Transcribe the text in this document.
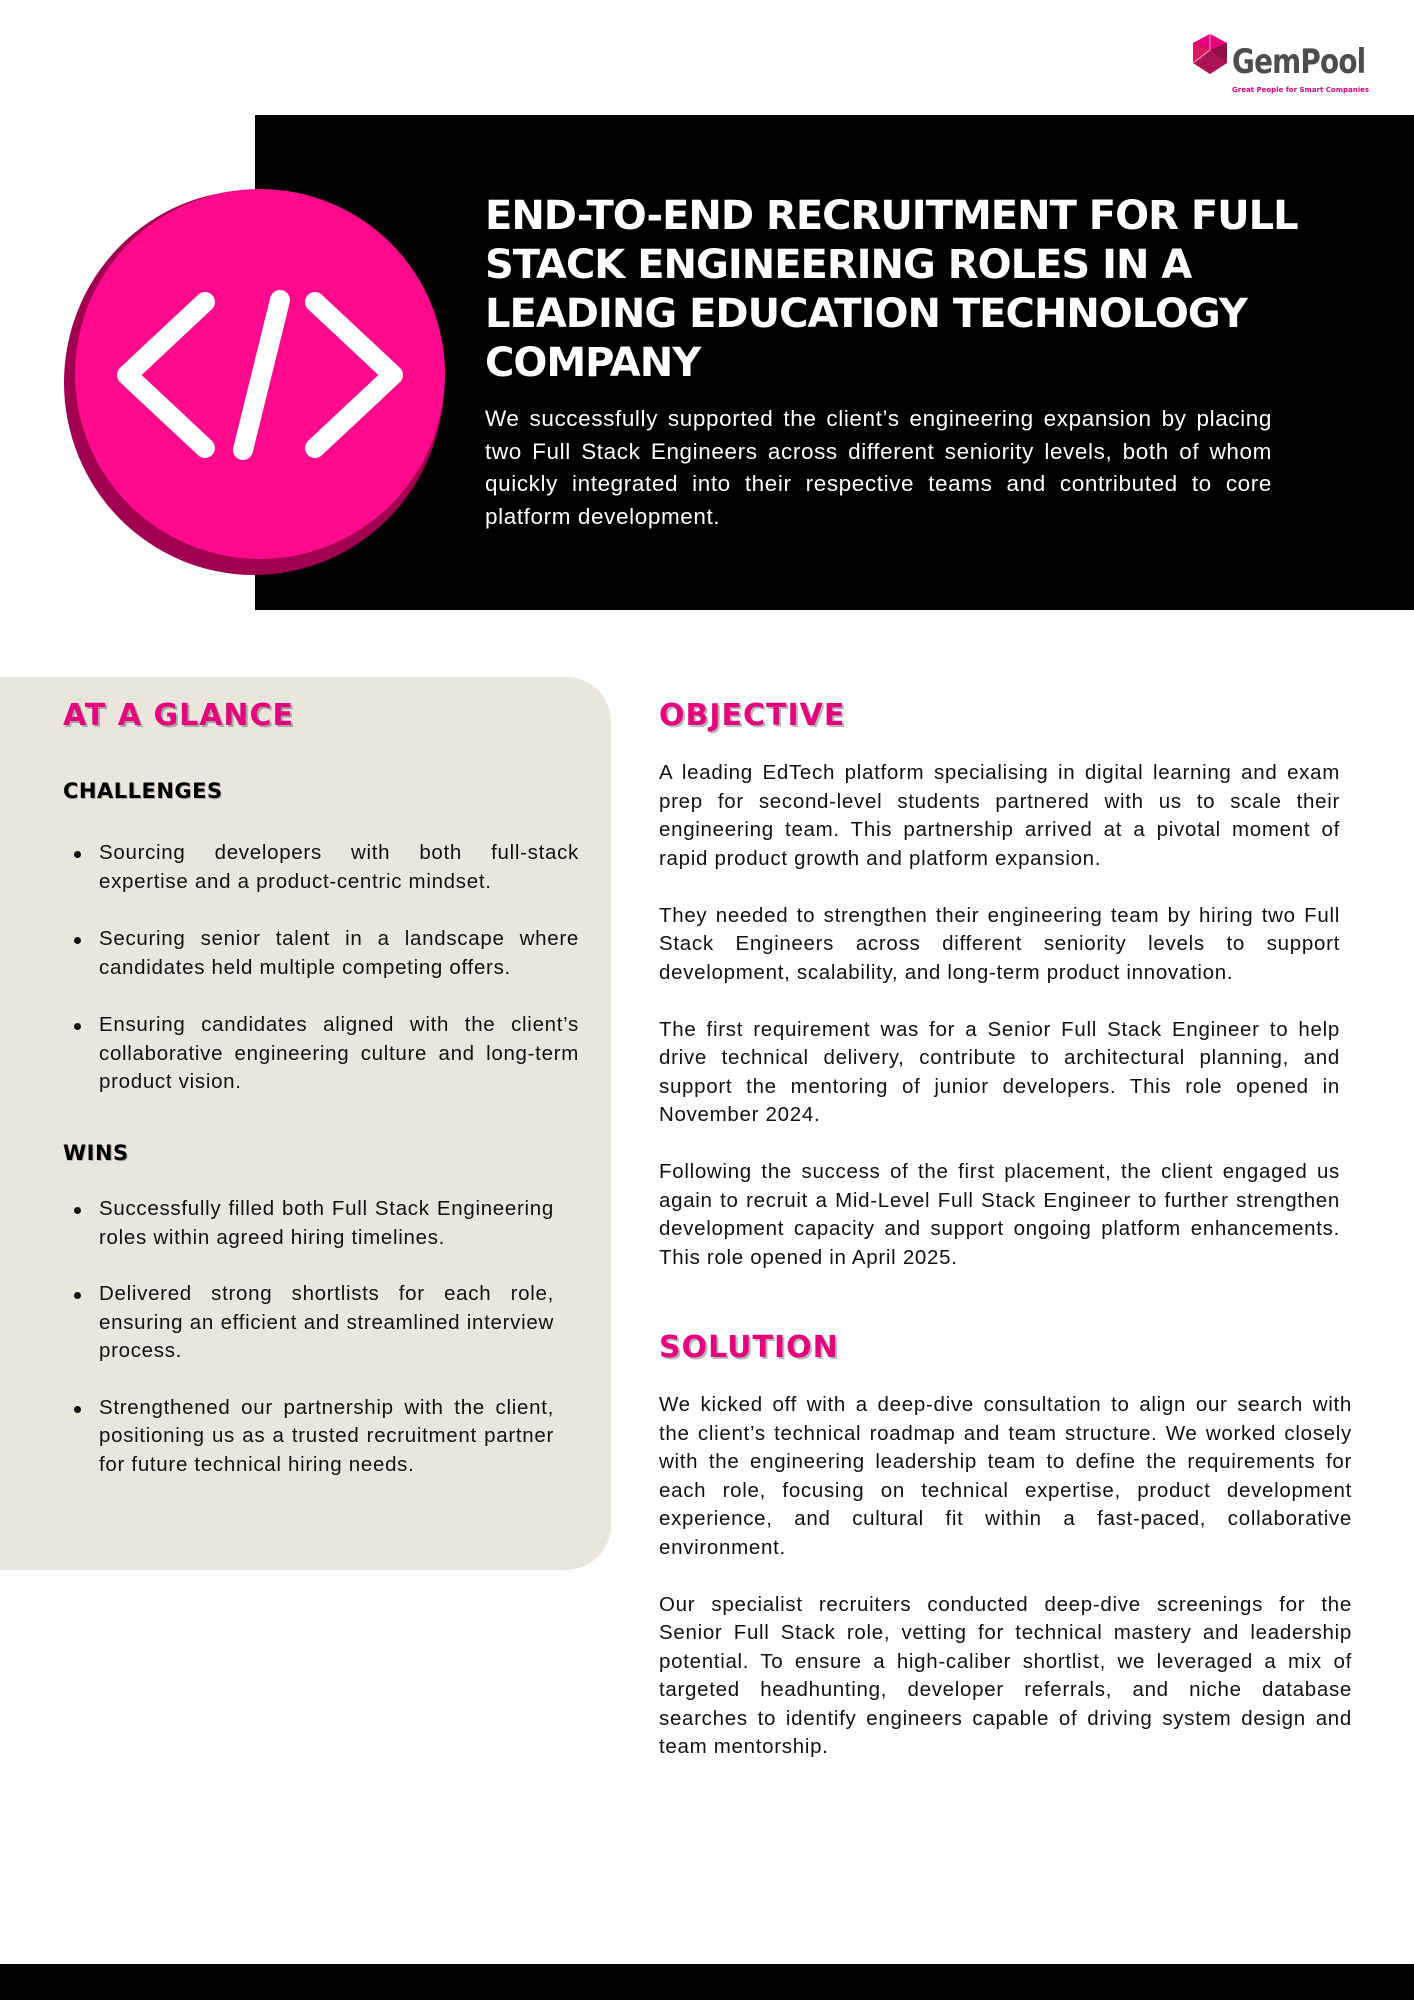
GemPool
Great People for Smart Companies
END-TO-END RECRUITMENT FOR FULL STACK ENGINEERING ROLES IN A LEADING EDUCATION TECHNOLOGY COMPANY

We successfully supported the client’s engineering expansion by placing two Full Stack Engineers across different seniority levels, both of whom quickly integrated into their respective teams and contributed to core platform development.

AT A GLANCE
CHALLENGES
Sourcing developers with both full-stack expertise and a product-centric mindset.
Securing senior talent in a landscape where candidates held multiple competing offers.
Ensuring candidates aligned with the client’s collaborative engineering culture and long-term product vision.
WINS
Successfully filled both Full Stack Engineering roles within agreed hiring timelines.
Delivered strong shortlists for each role, ensuring an efficient and streamlined interview process.
Strengthened our partnership with the client, positioning us as a trusted recruitment partner for future technical hiring needs.
OBJECTIVE

A leading EdTech platform specialising in digital learning and exam prep for second-level students partnered with us to scale their engineering team. This partnership arrived at a pivotal moment of rapid product growth and platform expansion.

They needed to strengthen their engineering team by hiring two Full Stack Engineers across different seniority levels to support development, scalability, and long-term product innovation.

The first requirement was for a Senior Full Stack Engineer to help drive technical delivery, contribute to architectural planning, and support the mentoring of junior developers. This role opened in November 2024.

Following the success of the first placement, the client engaged us again to recruit a Mid-Level Full Stack Engineer to further strengthen development capacity and support ongoing platform enhancements. This role opened in April 2025.

SOLUTION

We kicked off with a deep-dive consultation to align our search with the client’s technical roadmap and team structure. We worked closely with the engineering leadership team to define the requirements for each role, focusing on technical expertise, product development experience, and cultural fit within a fast-paced, collaborative environment.

Our specialist recruiters conducted deep-dive screenings for the Senior Full Stack role, vetting for technical mastery and leadership potential. To ensure a high-caliber shortlist, we leveraged a mix of targeted headhunting, developer referrals, and niche database searches to identify engineers capable of driving system design and team mentorship.
